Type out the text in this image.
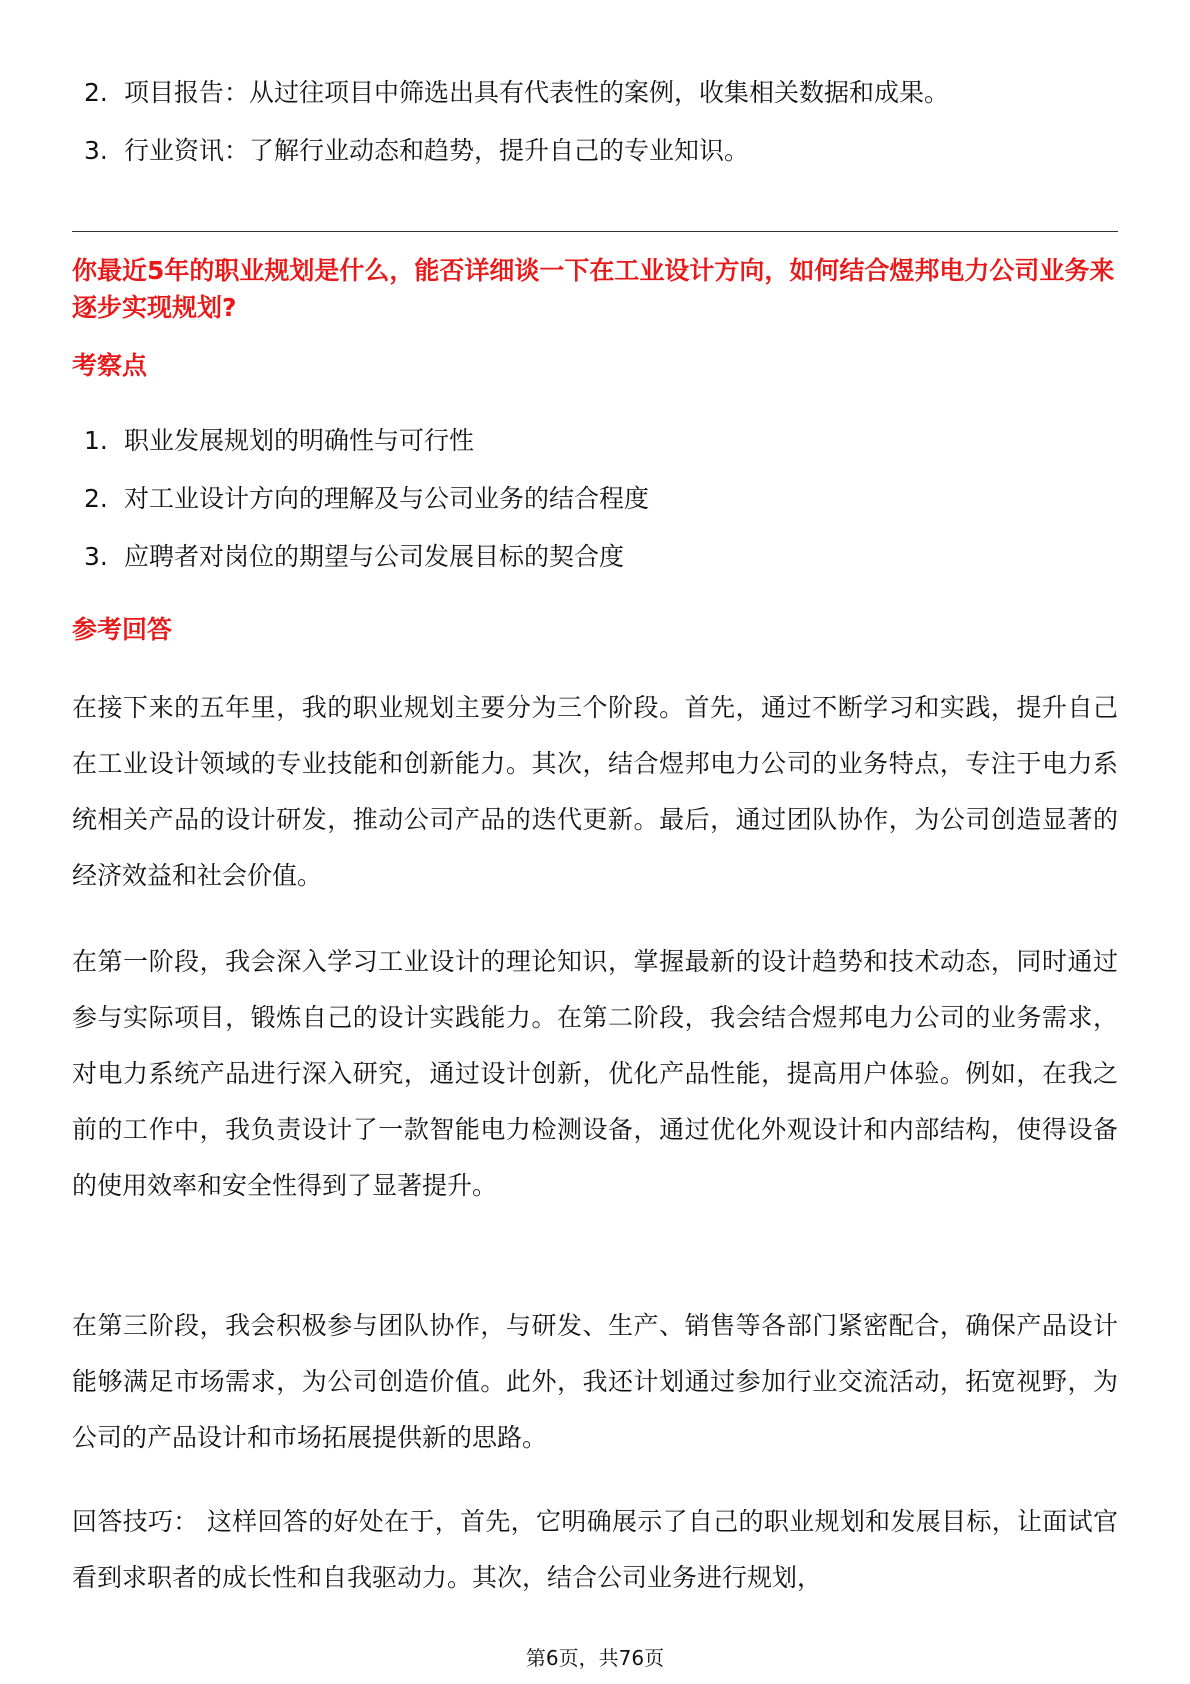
2. 项目报告：从过往项目中筛选出具有代表性的案例，收集相关数据和成果。
3. 行业资讯：了解行业动态和趋势，提升自己的专业知识。
你最近5年的职业规划是什么，能否详细谈一下在工业设计方向，如何结合煜邦电力公司业务来逐步实现规划?
考察点
1. 职业发展规划的明确性与可行性
2. 对工业设计方向的理解及与公司业务的结合程度
3. 应聘者对岗位的期望与公司发展目标的契合度
参考回答

在接下来的五年里，我的职业规划主要分为三个阶段。首先，通过不断学习和实践，提升自己在工业设计领域的专业技能和创新能力。其次，结合煜邦电力公司的业务特点，专注于电力系统相关产品的设计研发，推动公司产品的迭代更新。最后，通过团队协作，为公司创造显著的经济效益和社会价值。

在第一阶段，我会深入学习工业设计的理论知识，掌握最新的设计趋势和技术动态，同时通过参与实际项目，锻炼自己的设计实践能力。在第二阶段，我会结合煜邦电力公司的业务需求，对电力系统产品进行深入研究，通过设计创新，优化产品性能，提高用户体验。例如，在我之前的工作中，我负责设计了一款智能电力检测设备，通过优化外观设计和内部结构，使得设备的使用效率和安全性得到了显著提升。

在第三阶段，我会积极参与团队协作，与研发、生产、销售等各部门紧密配合，确保产品设计能够满足市场需求，为公司创造价值。此外，我还计划通过参加行业交流活动，拓宽视野，为公司的产品设计和市场拓展提供新的思路。

回答技巧： 这样回答的好处在于，首先，它明确展示了自己的职业规划和发展目标，让面试官看到求职者的成长性和自我驱动力。其次，结合公司业务进行规划，

第6页，共76页
